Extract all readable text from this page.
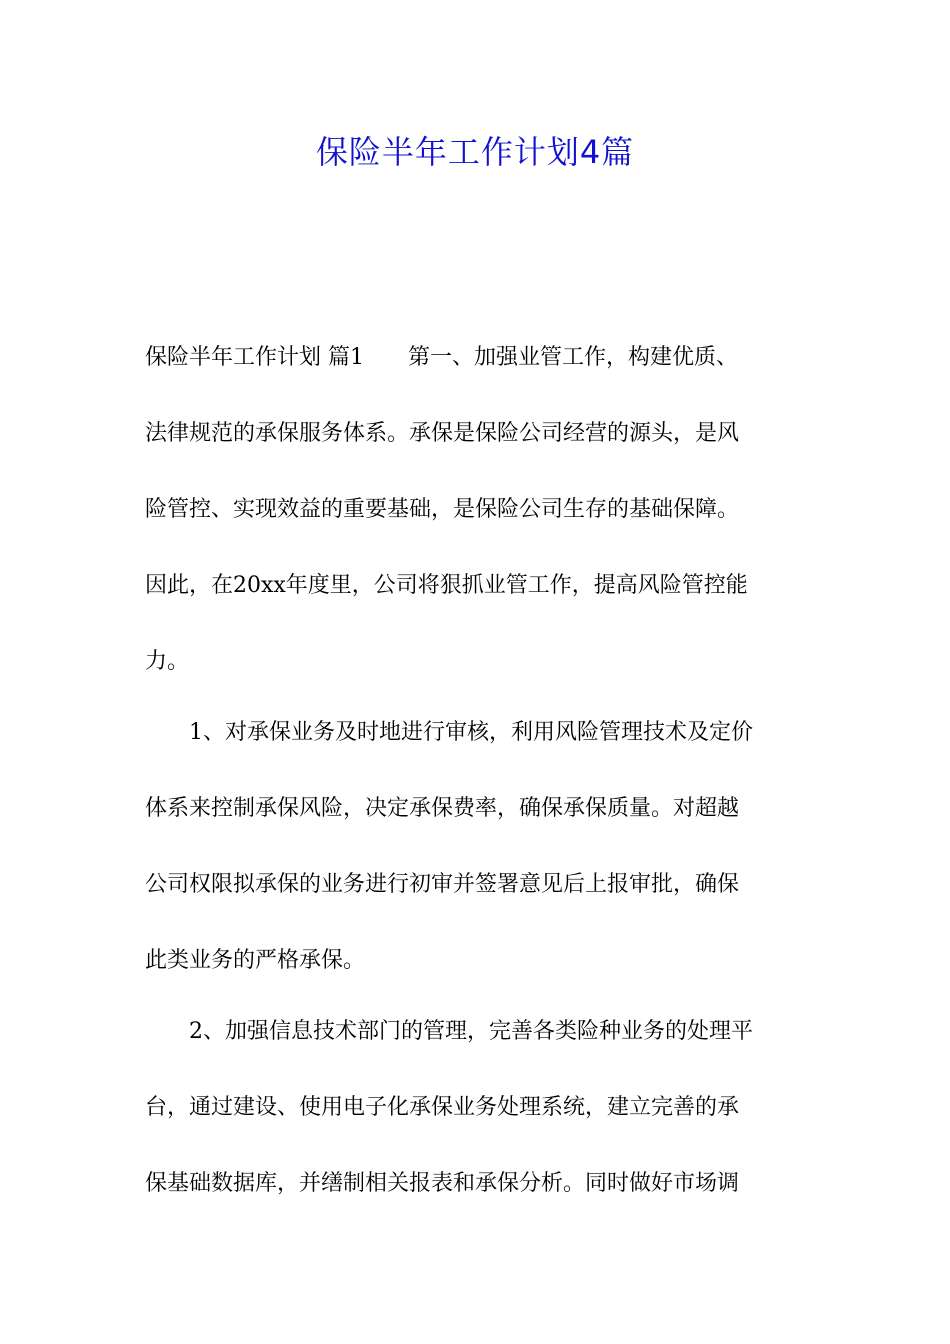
保险半年工作计划4篇
保险半年工作计划 篇1　　第一、加强业管工作，构建优质、
法律规范的承保服务体系。承保是保险公司经营的源头，是风
险管控、实现效益的重要基础，是保险公司生存的基础保障。
因此，在20xx年度里，公司将狠抓业管工作，提高风险管控能
力。
　　1、对承保业务及时地进行审核，利用风险管理技术及定价
体系来控制承保风险，决定承保费率，确保承保质量。对超越
公司权限拟承保的业务进行初审并签署意见后上报审批，确保
此类业务的严格承保。
　　2、加强信息技术部门的管理，完善各类险种业务的处理平
台，通过建设、使用电子化承保业务处理系统，建立完善的承
保基础数据库，并缮制相关报表和承保分析。同时做好市场调
